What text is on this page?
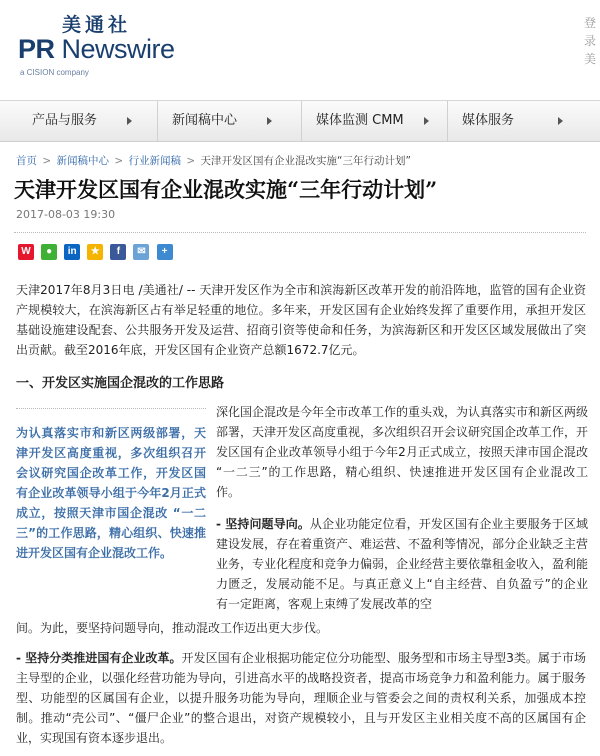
美通社
PR Newswire
a CISION company
登
录
美
产品与服务	新闻稿中心	媒体监测 CMM	媒体服务
首页 > 新闻稿中心 > 行业新闻稿 > 天津开发区国有企业混改实施“三年行动计划”
天津开发区国有企业混改实施“三年行动计划”
2017-08-03 19:30
W ● in ★ f ✉ +

天津2017年8月3日电 /美通社/ -- 天津开发区作为全市和滨海新区改革开发的前沿阵地，监管的国有企业资产规模较大，在滨海新区占有举足轻重的地位。多年来，开发区国有企业始终发挥了重要作用，承担开发区基础设施建设配套、公共服务开发及运营、招商引资等使命和任务，为滨海新区和开发区区域发展做出了突出贡献。截至2016年底，开发区国有企业资产总额1672.7亿元。

一、开发区实施国企混改的工作思路
为认真落实市和新区两级部署，天津开发区高度重视，多次组织召开会议研究国企改革工作，开发区国有企业改革领导小组于今年2月正式成立，按照天津市国企混改 “一二三”的工作思路，精心组织、快速推进开发区国有企业混改工作。

深化国企混改是今年全市改革工作的重头戏，为认真落实市和新区两级部署，天津开发区高度重视，多次组织召开会议研究国企改革工作，开发区国有企业改革领导小组于今年2月正式成立，按照天津市国企混改 “一二三”的工作思路，精心组织、快速推进开发区国有企业混改工作。

- 坚持问题导向。从企业功能定位看，开发区国有企业主要服务于区域建设发展，存在着重资产、难运营、不盈利等情况，部分企业缺乏主营业务，专业化程度和竞争力偏弱，企业经营主要依靠租金收入，盈利能力匮乏，发展动能不足。与真正意义上“自主经营、自负盈亏”的企业有一定距离，客观上束缚了发展改革的空

间。为此，要坚持问题导向，推动混改工作迈出更大步伐。

- 坚持分类推进国有企业改革。开发区国有企业根据功能定位分功能型、服务型和市场主导型3类。属于市场主导型的企业，以强化经营功能为导向，引进高水平的战略投资者，提高市场竞争力和盈利能力。属于服务型、功能型的区属国有企业，以提升服务功能为导向，理顺企业与管委会之间的责权利关系，加强成本控制。推动“壳公司”、“僵尸企业”的整合退出，对资产规模较小，且与开发区主业相关度不高的区属国有企业，实现国有资本逐步退出。
